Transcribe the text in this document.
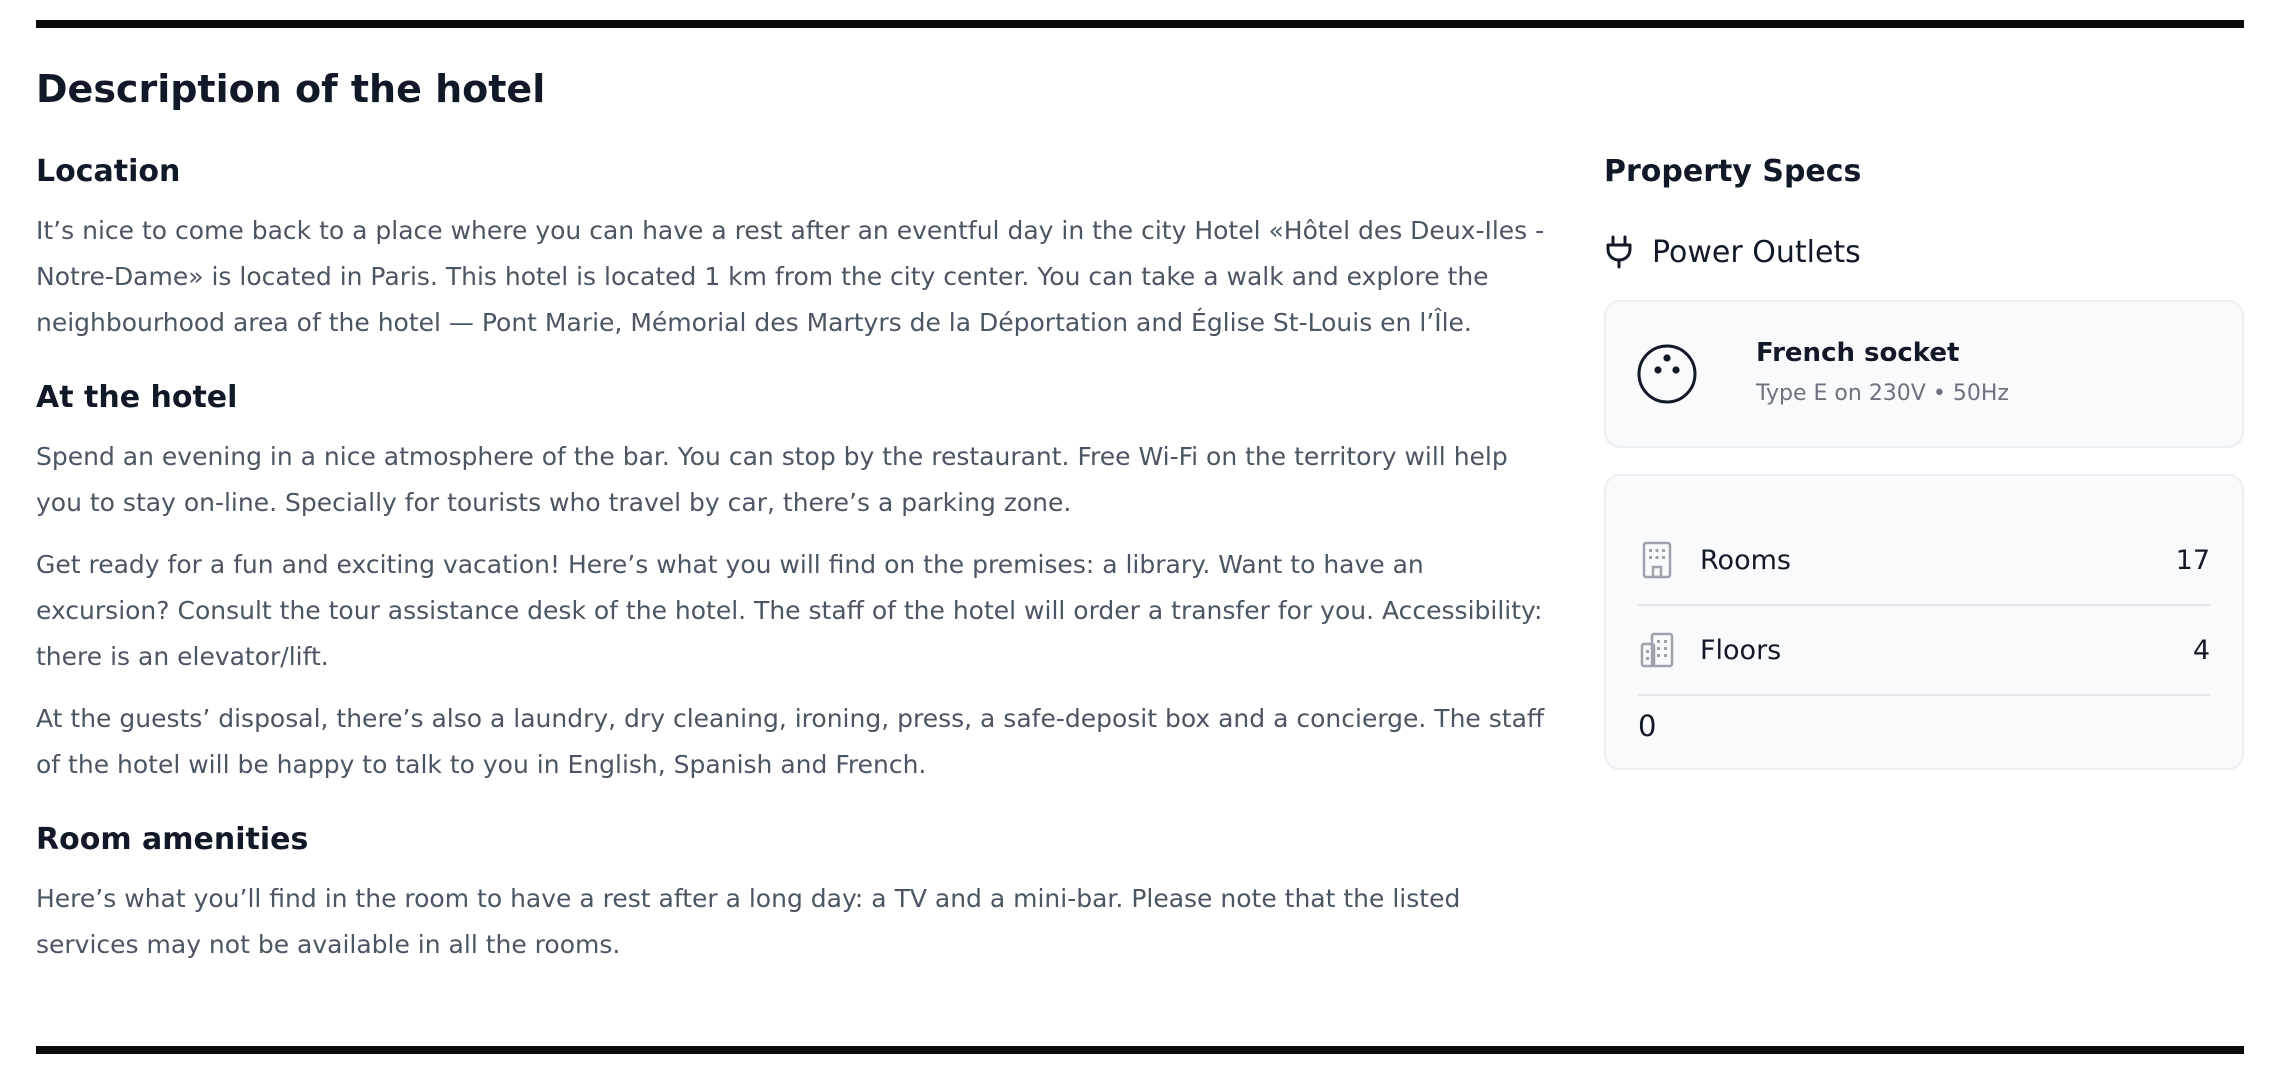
Description of the hotel
Location

It’s nice to come back to a place where you can have a rest after an eventful day in the city Hotel «Hôtel des Deux-Iles - Notre-Dame» is located in Paris. This hotel is located 1 km from the city center. You can take a walk and explore the neighbourhood area of the hotel — Pont Marie, Mémorial des Martyrs de la Déportation and Église St-Louis en l’Île.

At the hotel

Spend an evening in a nice atmosphere of the bar. You can stop by the restaurant. Free Wi-Fi on the territory will help you to stay on-line. Specially for tourists who travel by car, there’s a parking zone.

Get ready for a fun and exciting vacation! Here’s what you will find on the premises: a library. Want to have an excursion? Consult the tour assistance desk of the hotel. The staff of the hotel will order a transfer for you. Accessibility: there is an elevator/lift.

At the guests’ disposal, there’s also a laundry, dry cleaning, ironing, press, a safe-deposit box and a concierge. The staff of the hotel will be happy to talk to you in English, Spanish and French.

Room amenities

Here’s what you’ll find in the room to have a rest after a long day: a TV and a mini-bar. Please note that the listed services may not be available in all the rooms.

Property Specs
Power Outlets
French socket
Type E on 230V • 50Hz
Rooms	17
Floors	4
0
